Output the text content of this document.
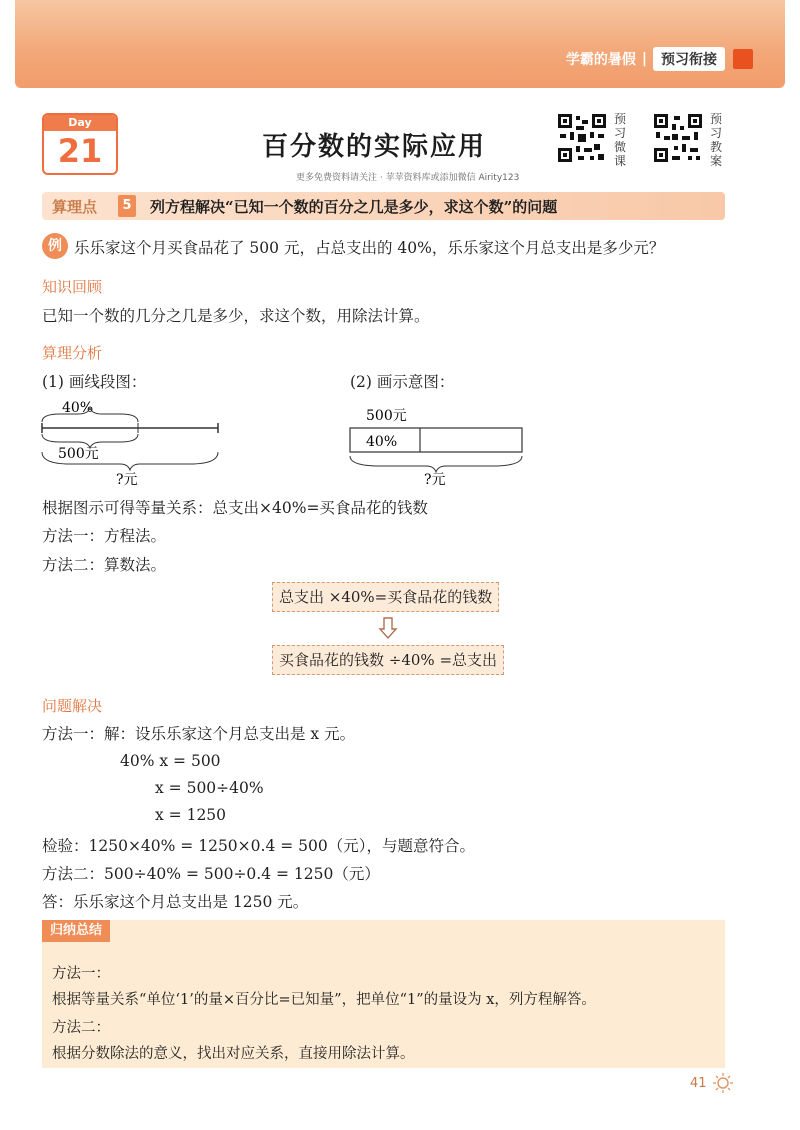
学霸的暑假 |	预习衔接
Day
21	百分数的实际应用
更多免费资料请关注 · 苹苹资料库或添加微信 Airity123
预习微课
预习教案
算理点	5 列方程解决“已知一个数的百分之几是多少，求这个数”的问题
例 乐乐家这个月买食品花了 500 元，占总支出的 40%，乐乐家这个月总支出是多少元？
知识回顾
已知一个数的几分之几是多少，求这个数，用除法计算。
算理分析
(1) 画线段图：	(2) 画示意图：
40%
500元
?元
500元
40%
?元
根据图示可得等量关系：总支出×40%=买食品花的钱数
方法一：方程法。
方法二：算数法。
总支出 ×40%=买食品花的钱数
买食品花的钱数 ÷40% =总支出
问题解决
方法一：解：设乐乐家这个月总支出是 x 元。
40% x = 500
x = 500÷40%
x = 1250
检验：1250×40% = 1250×0.4 = 500（元），与题意符合。
方法二：500÷40% = 500÷0.4 = 1250（元）
答：乐乐家这个月总支出是 1250 元。
归纳总结
方法一：
根据等量关系“单位‘1’的量×百分比=已知量”，把单位“1”的量设为 x，列方程解答。
方法二：
根据分数除法的意义，找出对应关系，直接用除法计算。
41
